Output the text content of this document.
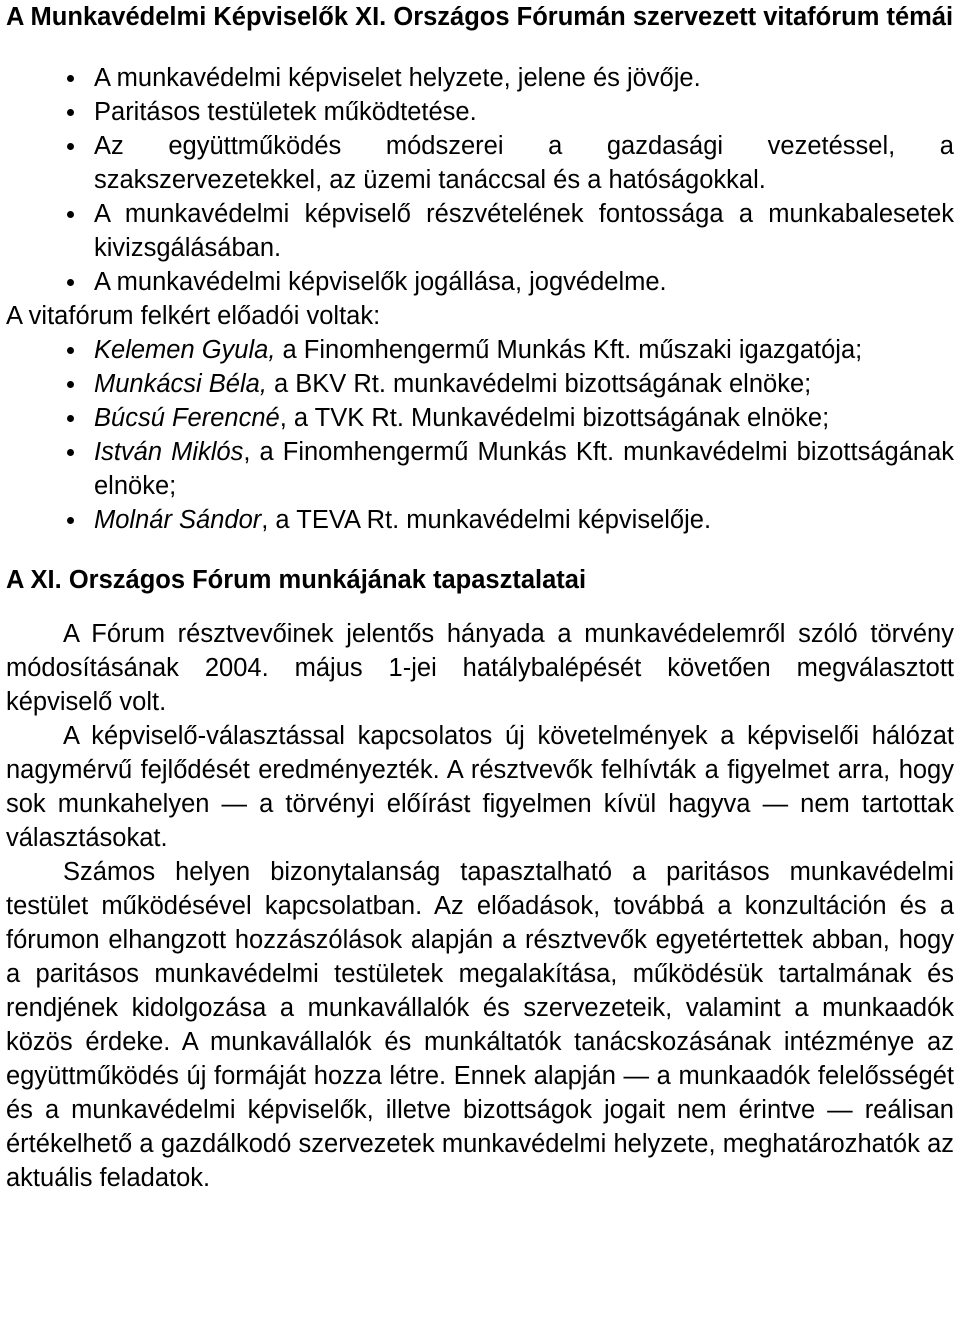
A Munkavédelmi Képviselők XI. Országos Fórumán szervezett vitafórum témái
A munkavédelmi képviselet helyzete, jelene és jövője.
Paritásos testületek működtetése.
Az együttműködés módszerei a gazdasági vezetéssel, a szakszervezetekkel, az üzemi tanáccsal és a hatóságokkal.
A munkavédelmi képviselő részvételének fontossága a munkabalesetek kivizsgálásában.
A munkavédelmi képviselők jogállása, jogvédelme.

A vitafórum felkért előadói voltak:

Kelemen Gyula, a Finomhengermű Munkás Kft. műszaki igazgatója;
Munkácsi Béla, a BKV Rt. munkavédelmi bizottságának elnöke;
Búcsú Ferencné, a TVK Rt. Munkavédelmi bizottságának elnöke;
István Miklós, a Finomhengermű Munkás Kft. munkavédelmi bizottságának elnöke;
Molnár Sándor, a TEVA Rt. munkavédelmi képviselője.
A XI. Országos Fórum munkájának tapasztalatai

A Fórum résztvevőinek jelentős hányada a munkavédelemről szóló törvény módosításának 2004. május 1-jei hatálybalépését követően megválasztott képviselő volt.

A képviselő-választással kapcsolatos új követelmények a képviselői hálózat nagymérvű fejlődését eredményezték. A résztvevők felhívták a figyelmet arra, hogy sok munkahelyen — a törvényi előírást figyelmen kívül hagyva — nem tartottak választásokat.

Számos helyen bizonytalanság tapasztalható a paritásos munkavédelmi testület működésével kapcsolatban. Az előadások, továbbá a konzultáción és a fórumon elhangzott hozzászólások alapján a résztvevők egyetértettek abban, hogy a paritásos munkavédelmi testületek megalakítása, működésük tartalmának és rendjének kidolgozása a munkavállalók és szervezeteik, valamint a munkaadók közös érdeke. A munkavállalók és munkáltatók tanácskozásának intézménye az együttműködés új formáját hozza létre. Ennek alapján — a munkaadók felelősségét és a munkavédelmi képviselők, illetve bizottságok jogait nem érintve — reálisan értékelhető a gazdálkodó szervezetek munkavédelmi helyzete, meghatározhatók az aktuális feladatok.
